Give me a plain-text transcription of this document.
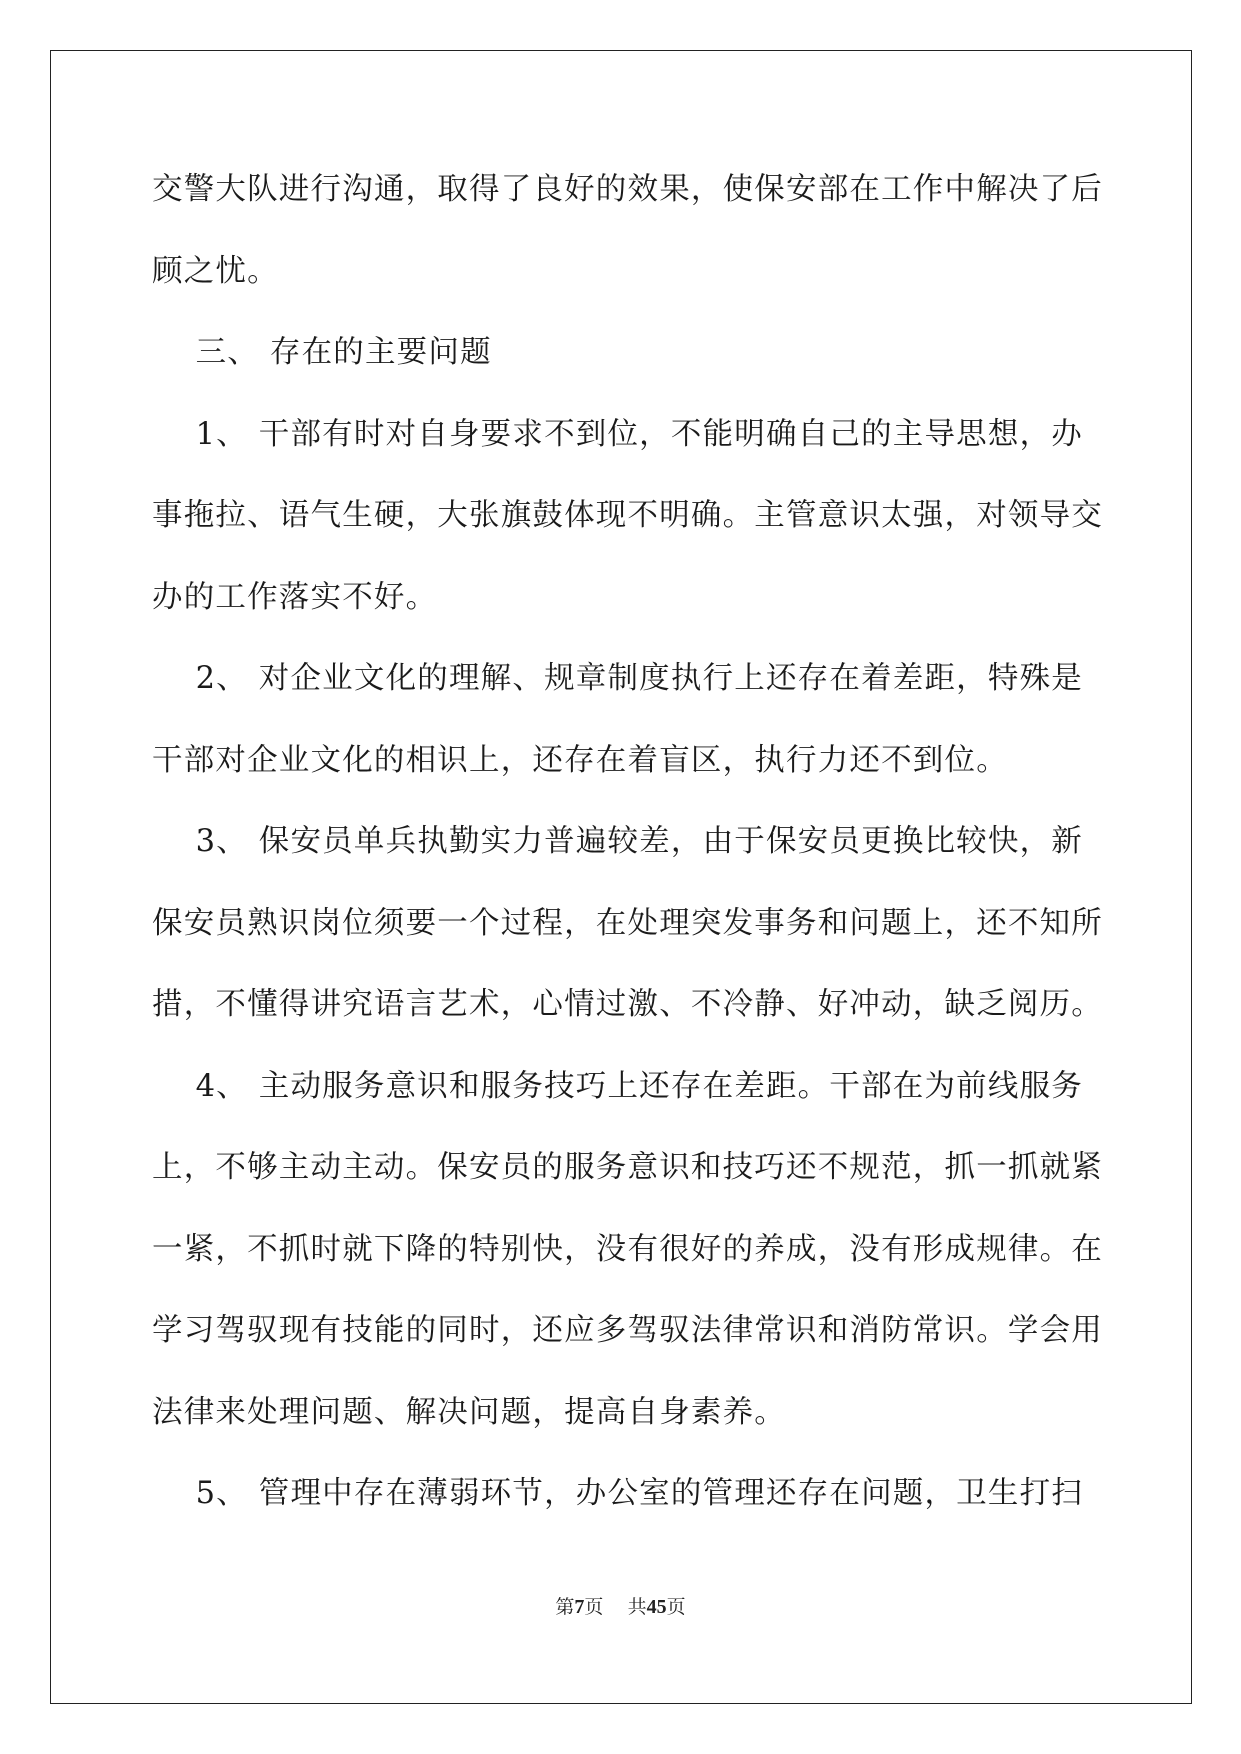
交警大队进行沟通，取得了良好的效果，使保安部在工作中解决了后
顾之忧。
三、 存在的主要问题
1、 干部有时对自身要求不到位，不能明确自己的主导思想，办
事拖拉、语气生硬，大张旗鼓体现不明确。主管意识太强，对领导交
办的工作落实不好。
2、 对企业文化的理解、规章制度执行上还存在着差距，特殊是
干部对企业文化的相识上，还存在着盲区，执行力还不到位。
3、 保安员单兵执勤实力普遍较差，由于保安员更换比较快，新
保安员熟识岗位须要一个过程，在处理突发事务和问题上，还不知所
措，不懂得讲究语言艺术，心情过激、不冷静、好冲动，缺乏阅历。
4、 主动服务意识和服务技巧上还存在差距。干部在为前线服务
上，不够主动主动。保安员的服务意识和技巧还不规范，抓一抓就紧
一紧，不抓时就下降的特别快，没有很好的养成，没有形成规律。在
学习驾驭现有技能的同时，还应多驾驭法律常识和消防常识。学会用
法律来处理问题、解决问题，提高自身素养。
5、 管理中存在薄弱环节，办公室的管理还存在问题，卫生打扫
第7页 共45页
